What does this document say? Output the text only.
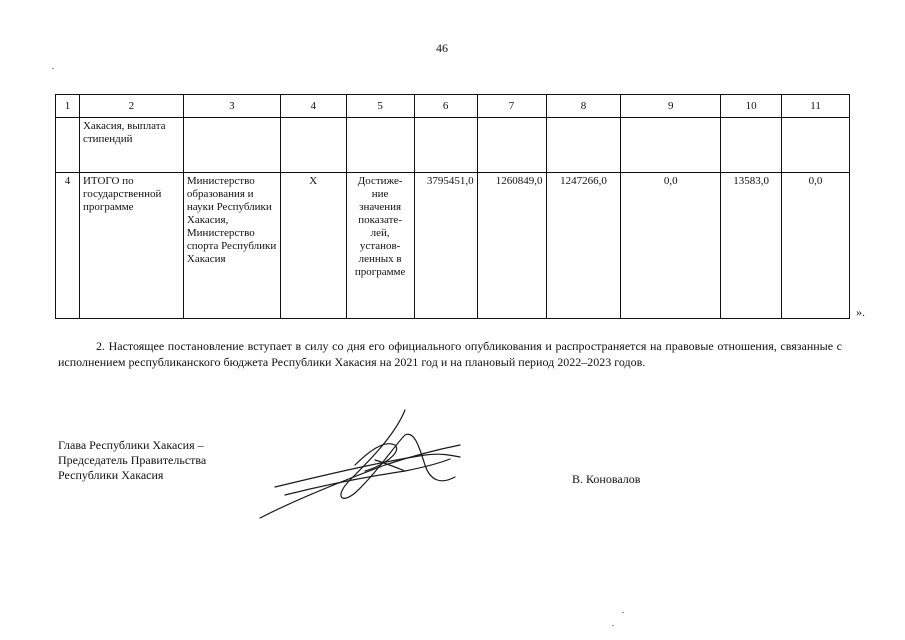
46
1	2	3	4	5	6	7	8	9	10	11
	Хакасия, выплата стипендий									
4	ИТОГО по государственной программе	Министерство образования и науки Республики Хакасия, Министерство спорта Республики Хакасия	X	Достиже-ние значения показате-лей, установ-ленных в программе	3795451,0	1260849,0	1247266,0	0,0	13583,0	0,0
».

2. Настоящее постановление вступает в силу со дня его официального опубликования и распространяется на правовые отношения, связанные с исполнением республиканского бюджета Республики Хакасия на 2021 год и на плановый период 2022–2023 годов.

Глава Республики Хакасия –
Председатель Правительства
Республики Хакасия	В. Коновалов
